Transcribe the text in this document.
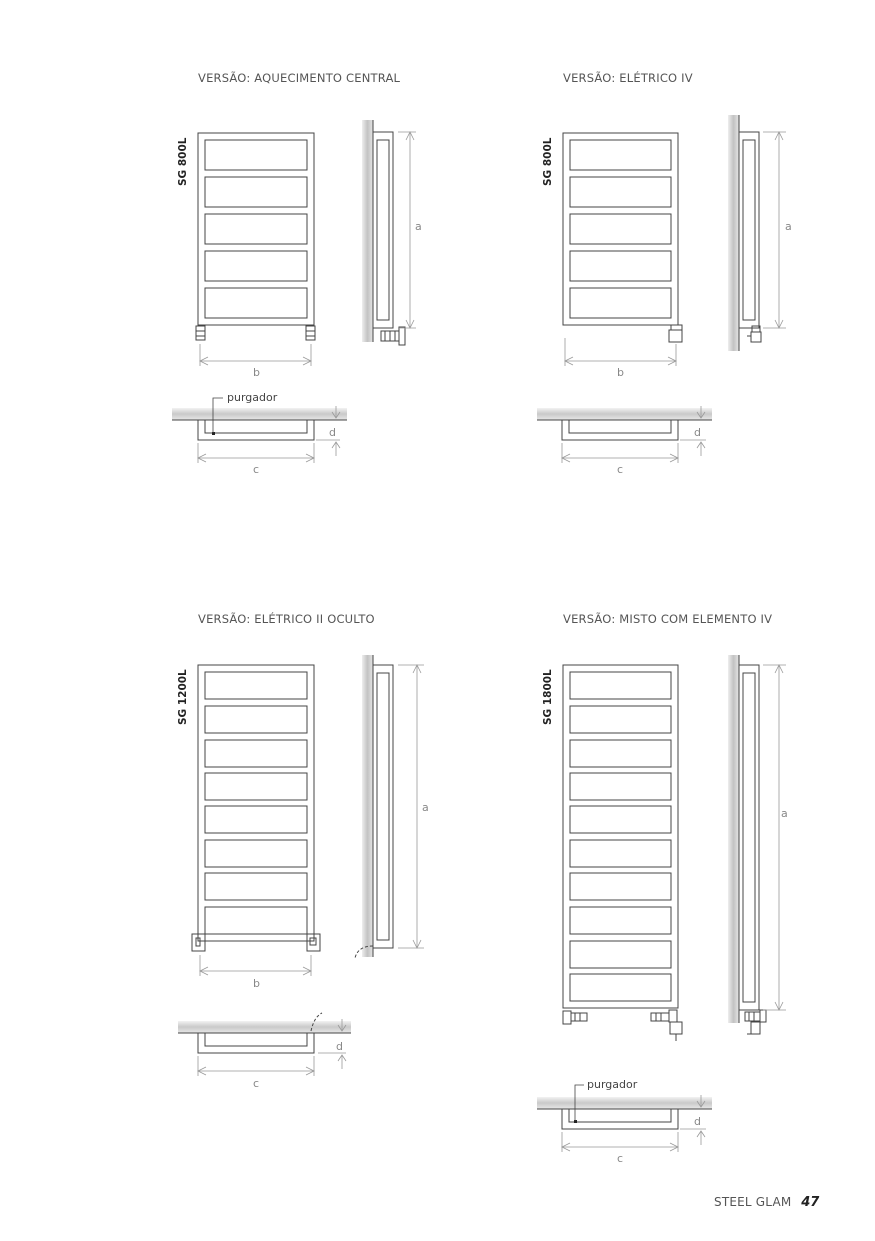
VERSÃO: AQUECIMENTO CENTRAL	VERSÃO: ELÉTRICO IV
VERSÃO: ELÉTRICO II OCULTO	VERSÃO: MISTO COM ELEMENTO IV
b
a
purgador
d
c
SG 800L
b
a
d
c
SG 800L
b
a
d
c
SG 1200L
a
purgador
d
c
SG 1800L
STEEL GLAM 47
